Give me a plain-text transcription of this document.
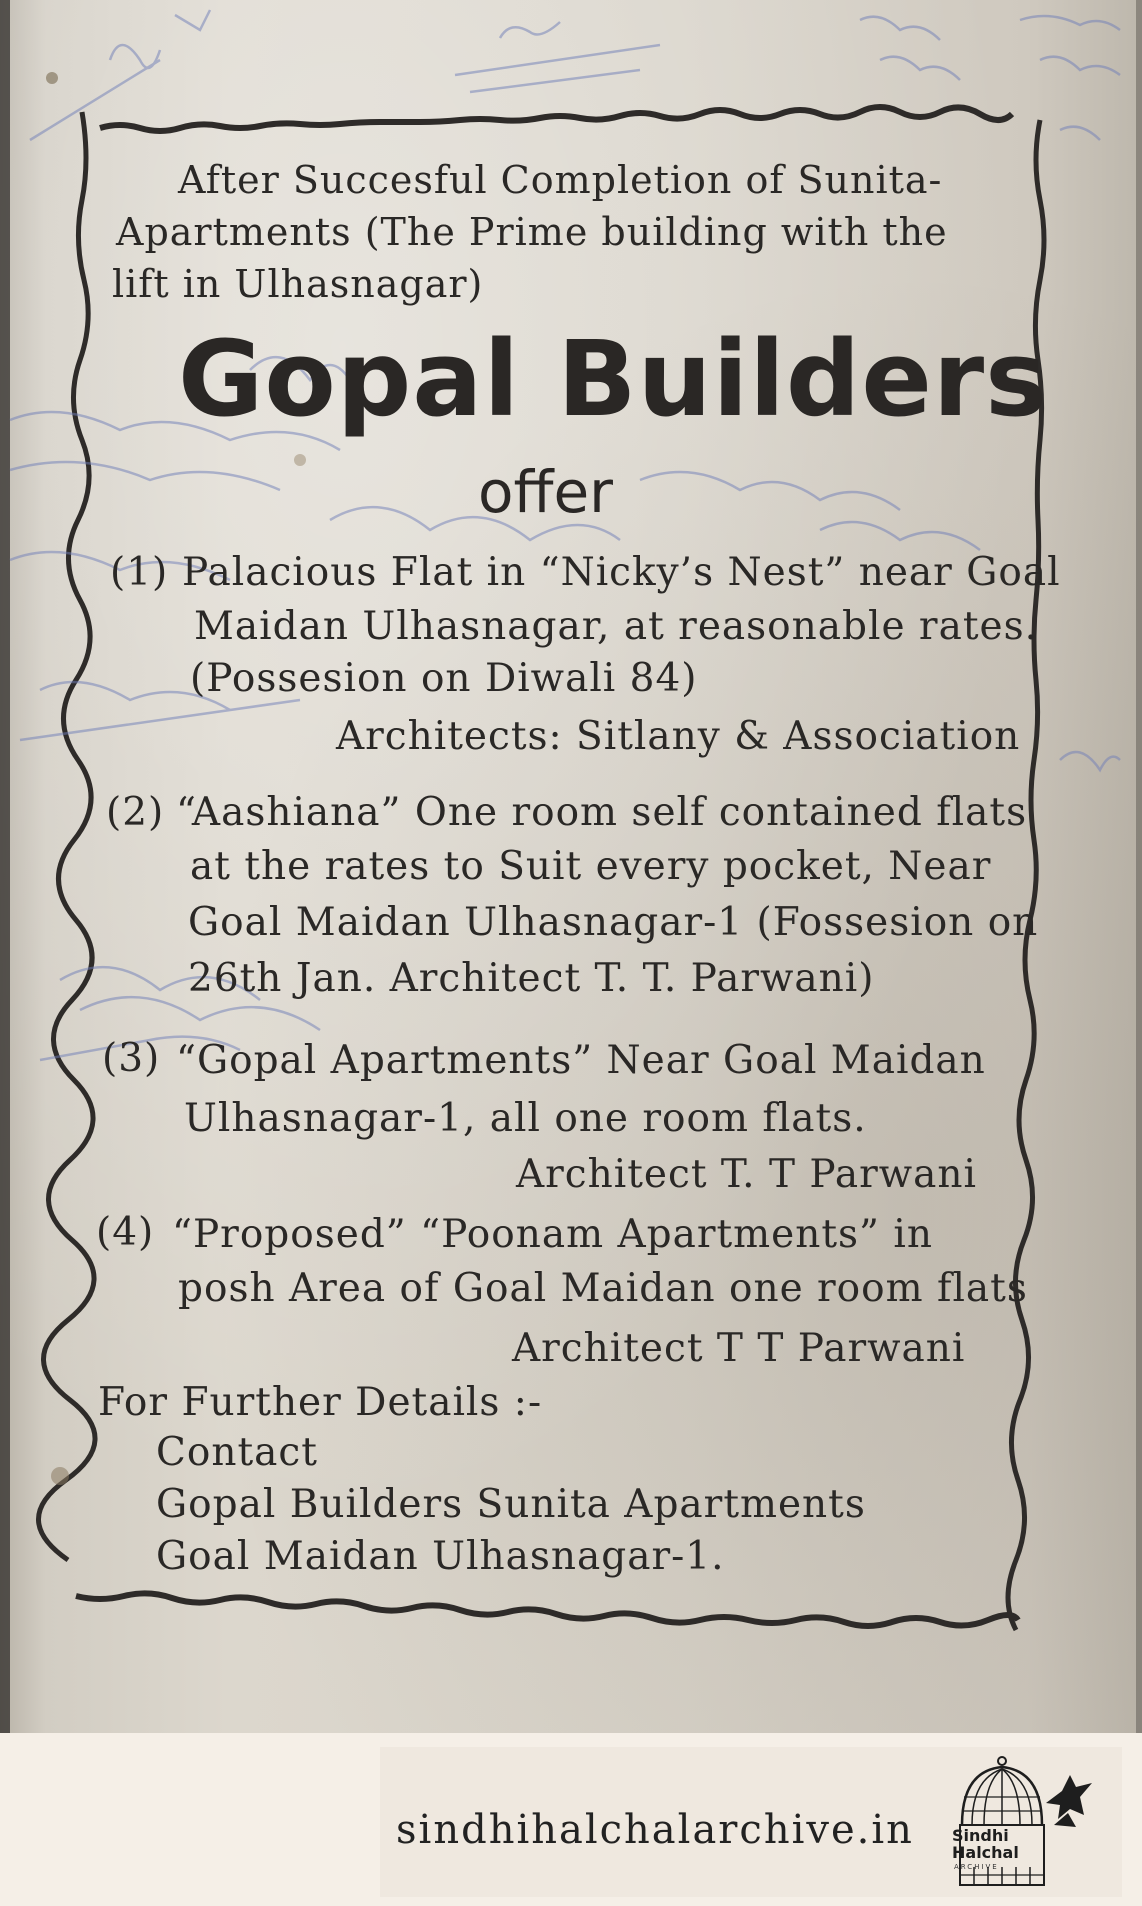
After Succesful Completion of Sunita-
Apartments (The Prime building with the
lift in Ulhasnagar)
Gopal Builders
offer
(1) Palacious Flat in “Nicky’s Nest” near Goal
Maidan Ulhasnagar, at reasonable rates.
(Possesion on Diwali 84)
Architects: Sitlany & Association
(2) “Aashiana” One room self contained flats
at the rates to Suit every pocket, Near
Goal Maidan Ulhasnagar-1 (Fossesion on
26th Jan. Architect T. T. Parwani)
(3) “Gopal Apartments” Near Goal Maidan
Ulhasnagar-1, all one room flats.
Architect T. T Parwani
(4) “Proposed” “Poonam Apartments” in
posh Area of Goal Maidan one room flats
Architect T T Parwani
For Further Details :-
Contact
Gopal Builders Sunita Apartments
Goal Maidan Ulhasnagar-1.
sindhihalchalarchive.in Sindhi
Halchal
ARCHIVE
